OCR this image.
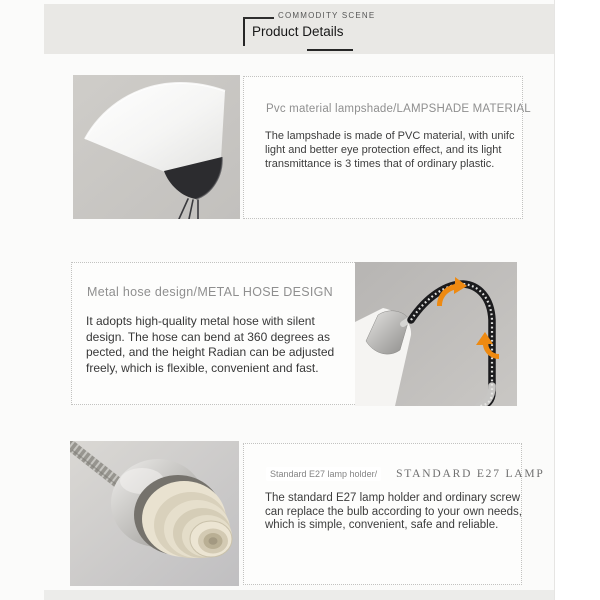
COMMODITY SCENE
Product Details
Pvc material lampshade/LAMPSHADE MATERIAL

The lampshade is made of PVC material, with unifc light and better eye protection effect, and its light transmittance is 3 times that of ordinary plastic.

Metal hose design/METAL HOSE DESIGN

It adopts high-quality metal hose with silent design. The hose can bend at 360 degrees as pected, and the height Radian can be adjusted freely, which is flexible, convenient and fast.

Standard E27 lamp holder/	STANDARD E27 LAMP

The standard E27 lamp holder and ordinary screw can replace the bulb according to your own needs, which is simple, convenient, safe and reliable.
